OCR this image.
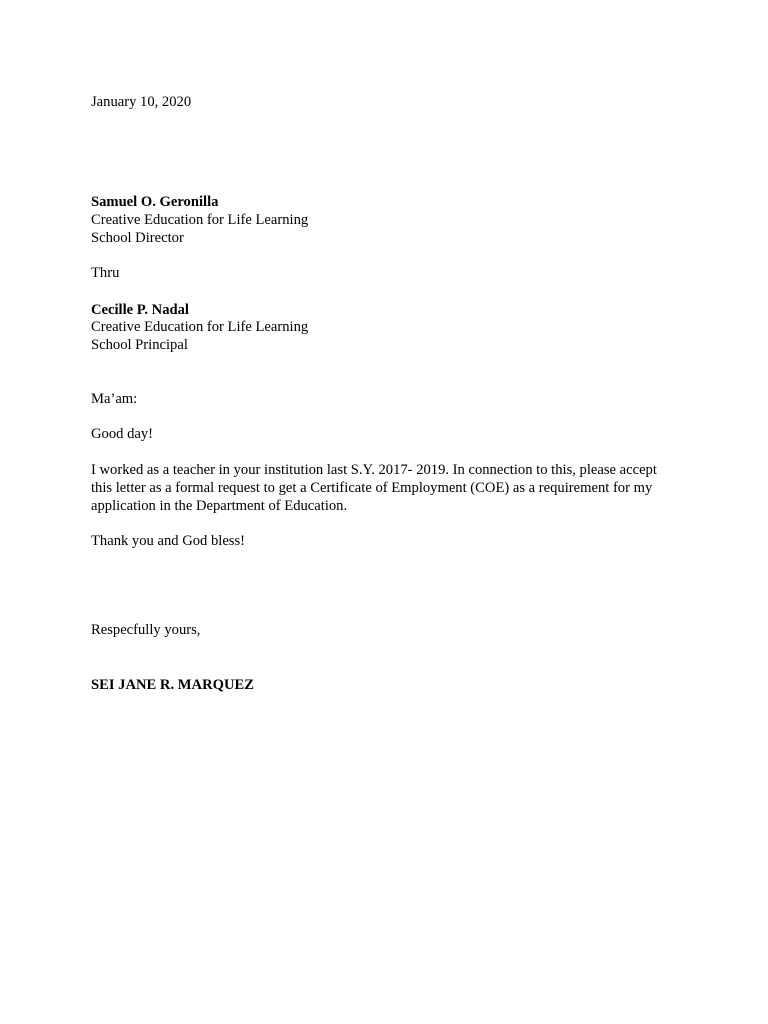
January 10, 2020

Samuel O. Geronilla

Creative Education for Life Learning

School Director

Thru

Cecille P. Nadal

Creative Education for Life Learning

School Principal

Ma’am:

Good day!

I worked as a teacher in your institution last S.Y. 2017- 2019. In connection to this, please accept
this letter as a formal request to get a Certificate of Employment (COE) as a requirement for my
application in the Department of Education.

Thank you and God bless!

Respecfully yours,

SEI JANE R. MARQUEZ
